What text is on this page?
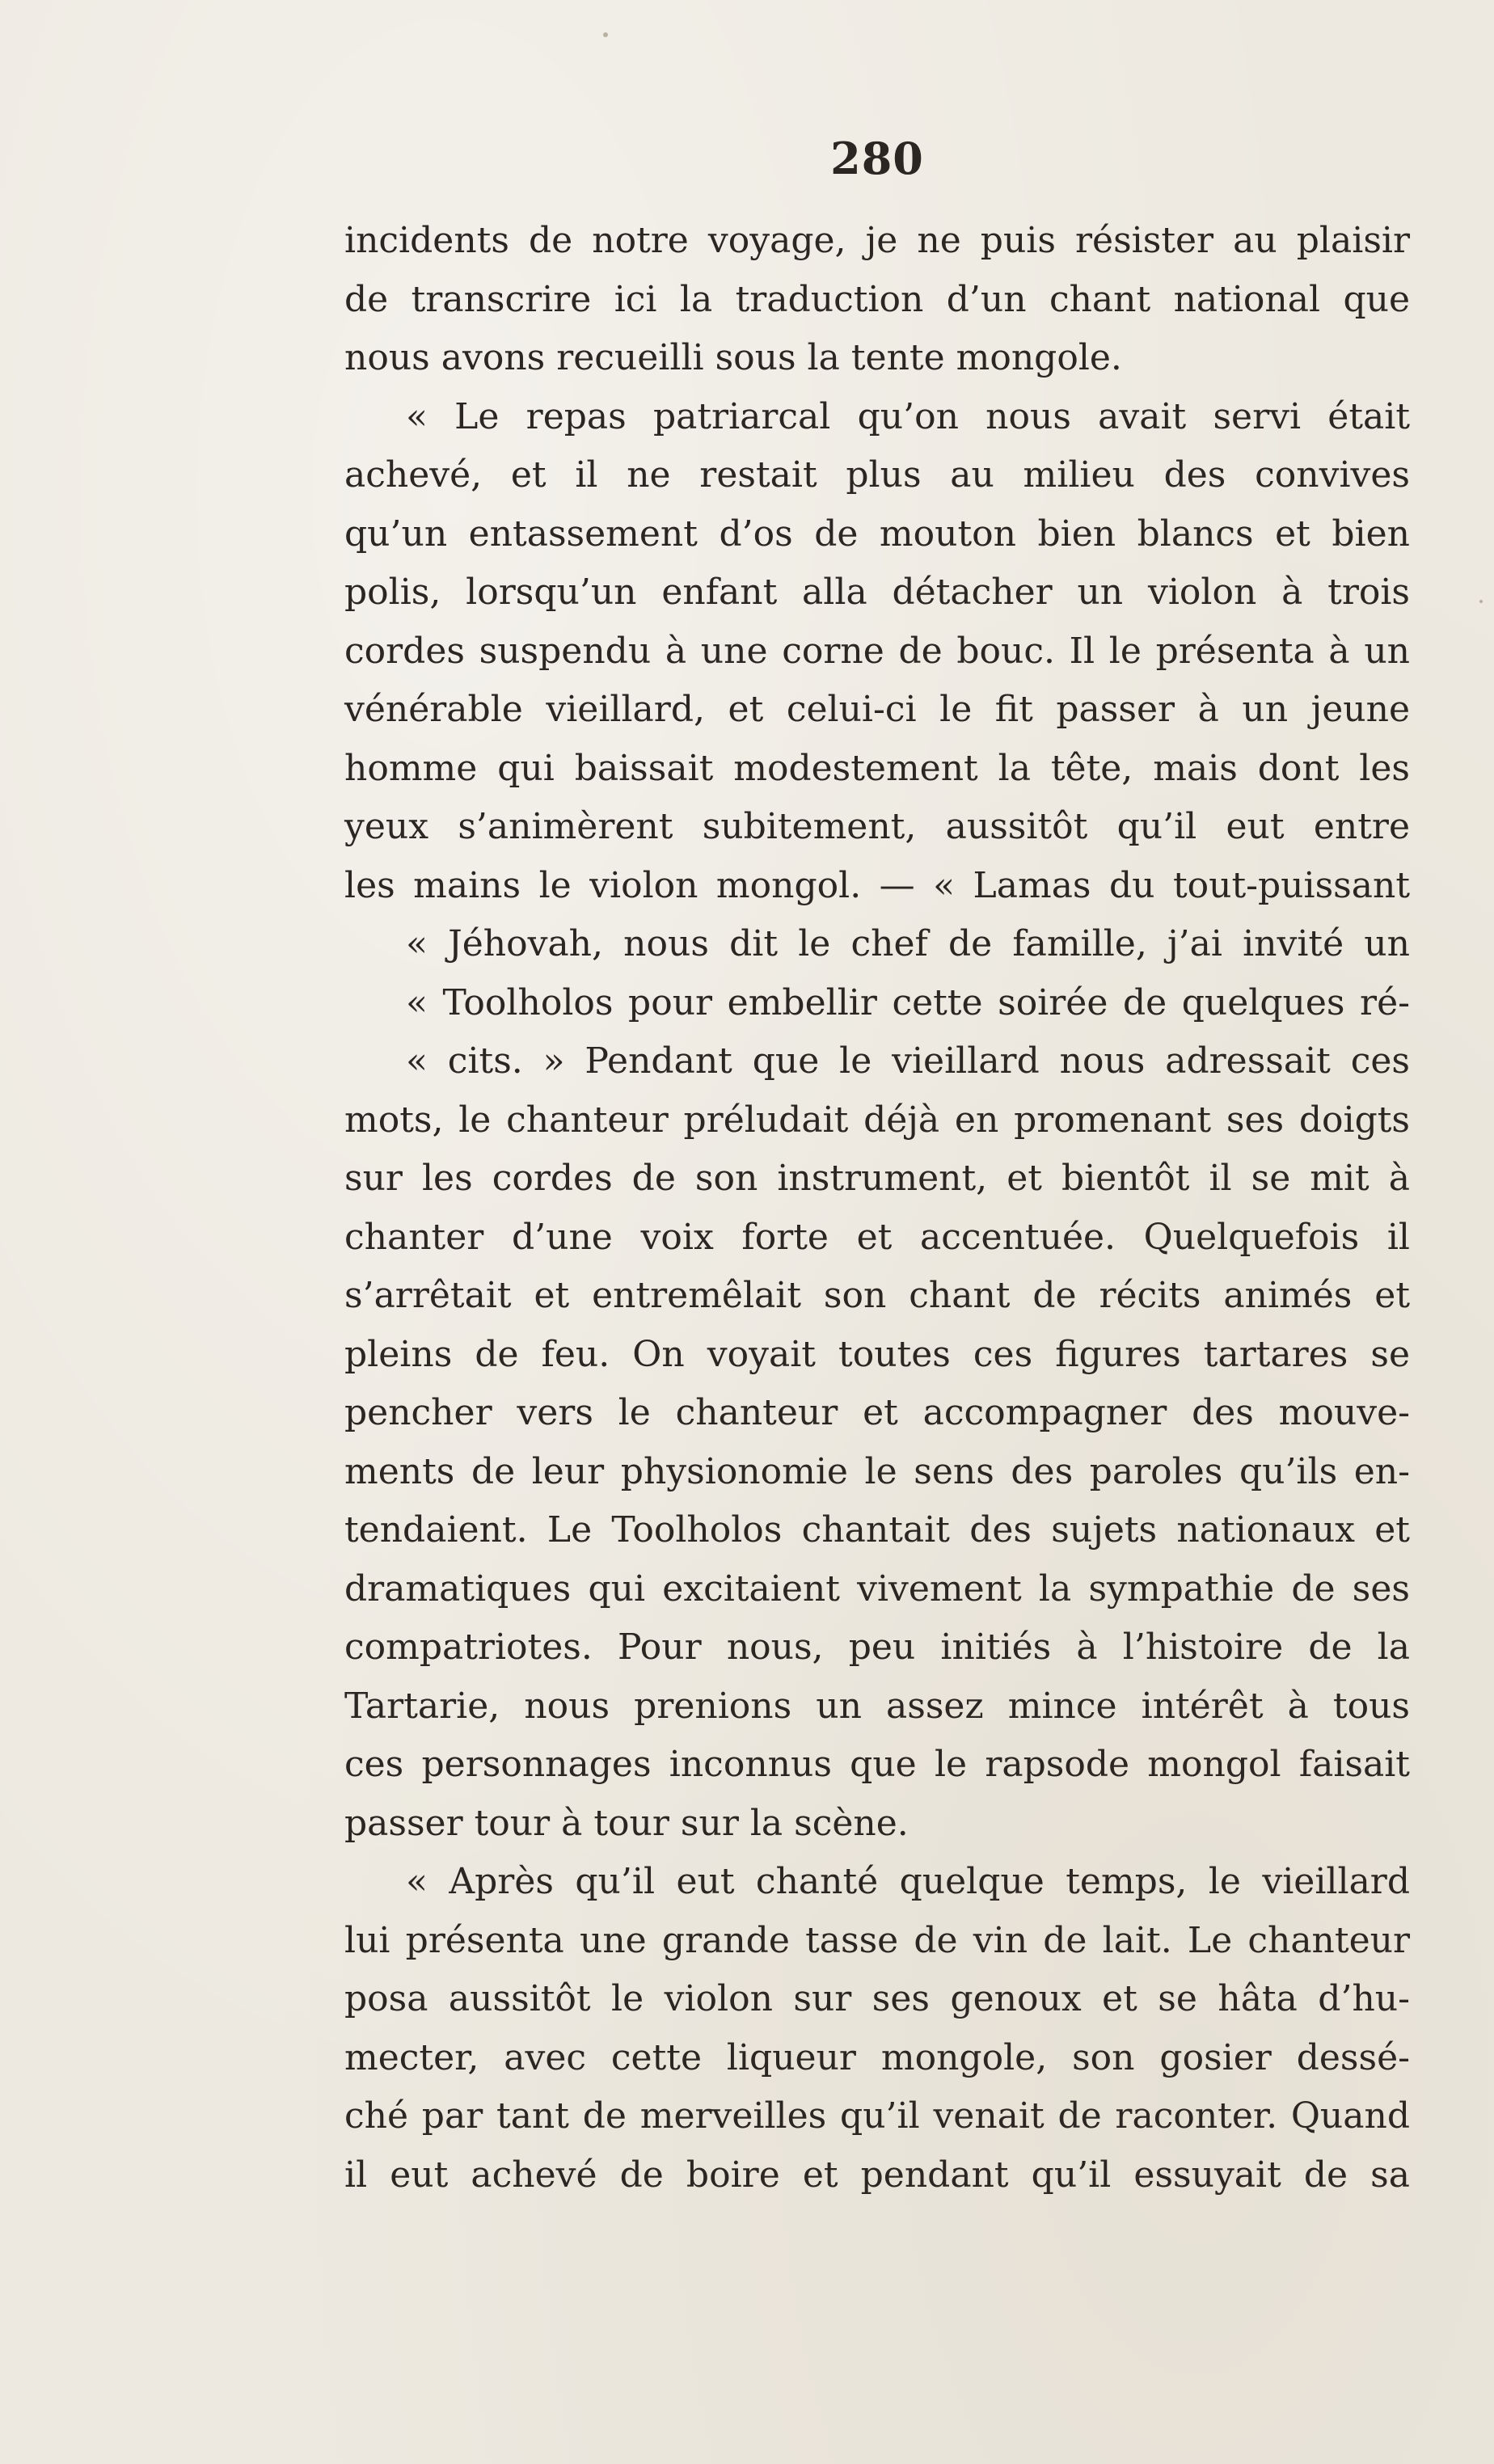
280
incidents de notre voyage, je ne puis résister au plaisir
de transcrire ici la traduction d’un chant national que
nous avons recueilli sous la tente mongole.
« Le repas patriarcal qu’on nous avait servi était
achevé, et il ne restait plus au milieu des convives
qu’un entassement d’os de mouton bien blancs et bien
polis, lorsqu’un enfant alla détacher un violon à trois
cordes suspendu à une corne de bouc. Il le présenta à un
vénérable vieillard, et celui-ci le fit passer à un jeune
homme qui baissait modestement la tête, mais dont les
yeux s’animèrent subitement, aussitôt qu’il eut entre
les mains le violon mongol. — « Lamas du tout-puissant
« Jéhovah, nous dit le chef de famille, j’ai invité un
« Toolholos pour embellir cette soirée de quelques ré-
« cits. » Pendant que le vieillard nous adressait ces
mots, le chanteur préludait déjà en promenant ses doigts
sur les cordes de son instrument, et bientôt il se mit à
chanter d’une voix forte et accentuée. Quelquefois il
s’arrêtait et entremêlait son chant de récits animés et
pleins de feu. On voyait toutes ces figures tartares se
pencher vers le chanteur et accompagner des mouve-
ments de leur physionomie le sens des paroles qu’ils en-
tendaient. Le Toolholos chantait des sujets nationaux et
dramatiques qui excitaient vivement la sympathie de ses
compatriotes. Pour nous, peu initiés à l’histoire de la
Tartarie, nous prenions un assez mince intérêt à tous
ces personnages inconnus que le rapsode mongol faisait
passer tour à tour sur la scène.
« Après qu’il eut chanté quelque temps, le vieillard
lui présenta une grande tasse de vin de lait. Le chanteur
posa aussitôt le violon sur ses genoux et se hâta d’hu-
mecter, avec cette liqueur mongole, son gosier dessé-
ché par tant de merveilles qu’il venait de raconter. Quand
il eut achevé de boire et pendant qu’il essuyait de sa
